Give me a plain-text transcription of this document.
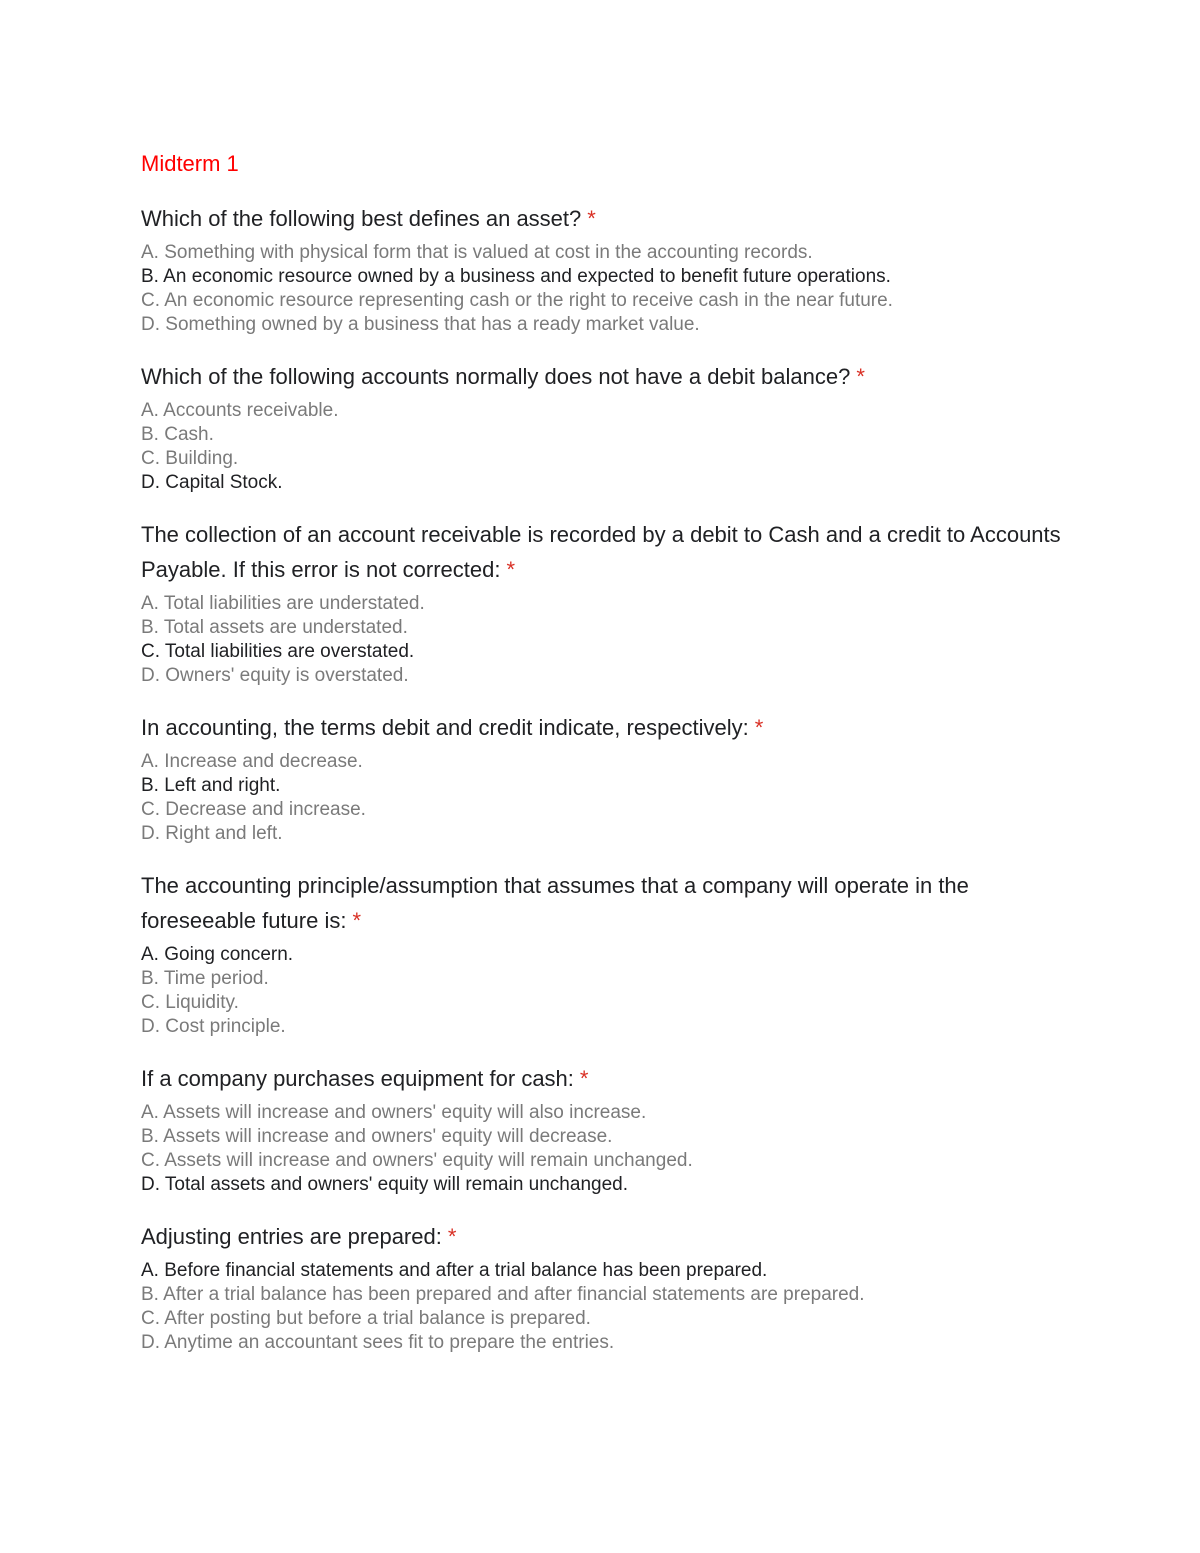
Midterm 1
Which of the following best defines an asset? *
A. Something with physical form that is valued at cost in the accounting records.
B. An economic resource owned by a business and expected to benefit future operations.
C. An economic resource representing cash or the right to receive cash in the near future.
D. Something owned by a business that has a ready market value.
Which of the following accounts normally does not have a debit balance? *
A. Accounts receivable.
B. Cash.
C. Building.
D. Capital Stock.
The collection of an account receivable is recorded by a debit to Cash and a credit to Accounts Payable. If this error is not corrected: *
A. Total liabilities are understated.
B. Total assets are understated.
C. Total liabilities are overstated.
D. Owners' equity is overstated.
In accounting, the terms debit and credit indicate, respectively: *
A. Increase and decrease.
B. Left and right.
C. Decrease and increase.
D. Right and left.
The accounting principle/assumption that assumes that a company will operate in the foreseeable future is: *
A. Going concern.
B. Time period.
C. Liquidity.
D. Cost principle.
If a company purchases equipment for cash: *
A. Assets will increase and owners' equity will also increase.
B. Assets will increase and owners' equity will decrease.
C. Assets will increase and owners' equity will remain unchanged.
D. Total assets and owners' equity will remain unchanged.
Adjusting entries are prepared: *
A. Before financial statements and after a trial balance has been prepared.
B. After a trial balance has been prepared and after financial statements are prepared.
C. After posting but before a trial balance is prepared.
D. Anytime an accountant sees fit to prepare the entries.
